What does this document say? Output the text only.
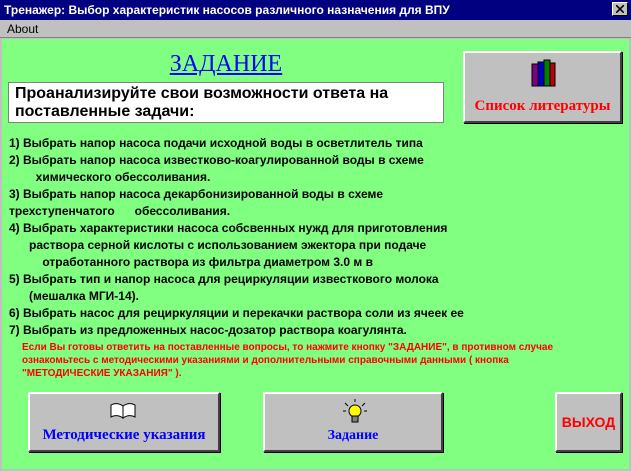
Тренажер: Выбор характеристик насосов различного назначения для ВПУ
About
ЗАДАНИЕ
Проанализируйте свои возможности ответа на поставленные задачи:
1) Выбрать напор насоса подачи исходной воды в осветлитель типа
2) Выбрать напор насоса известково-коагулированной воды в схеме
химического обессоливания.
3) Выбрать напор насоса декарбонизированной воды в схеме
трехступенчатого      обессоливания.
4) Выбрать характеристики насоса собсвенных нужд для приготовления
раствора серной кислоты с использованием эжектора при подаче
отработанного раствора из фильтра диаметром 3.0 м в
5) Выбрать тип и напор насоса для рециркуляции известкового молока
(мешалка МГИ-14).
6) Выбрать насос для рециркуляции и перекачки раствора соли из ячеек ее
7) Выбрать из предложенных насос-дозатор раствора коагулянта.
Если Вы готовы ответить на поставленные вопросы, то нажмите кнопку "ЗАДАНИЕ", в противном случае ознакомьтесь с методическими указаниями и дополнительными справочными данными ( кнопка "МЕТОДИЧЕСКИЕ УКАЗАНИЯ" ).
Список литературы
Методические указания	Задание
ВЫХОД
